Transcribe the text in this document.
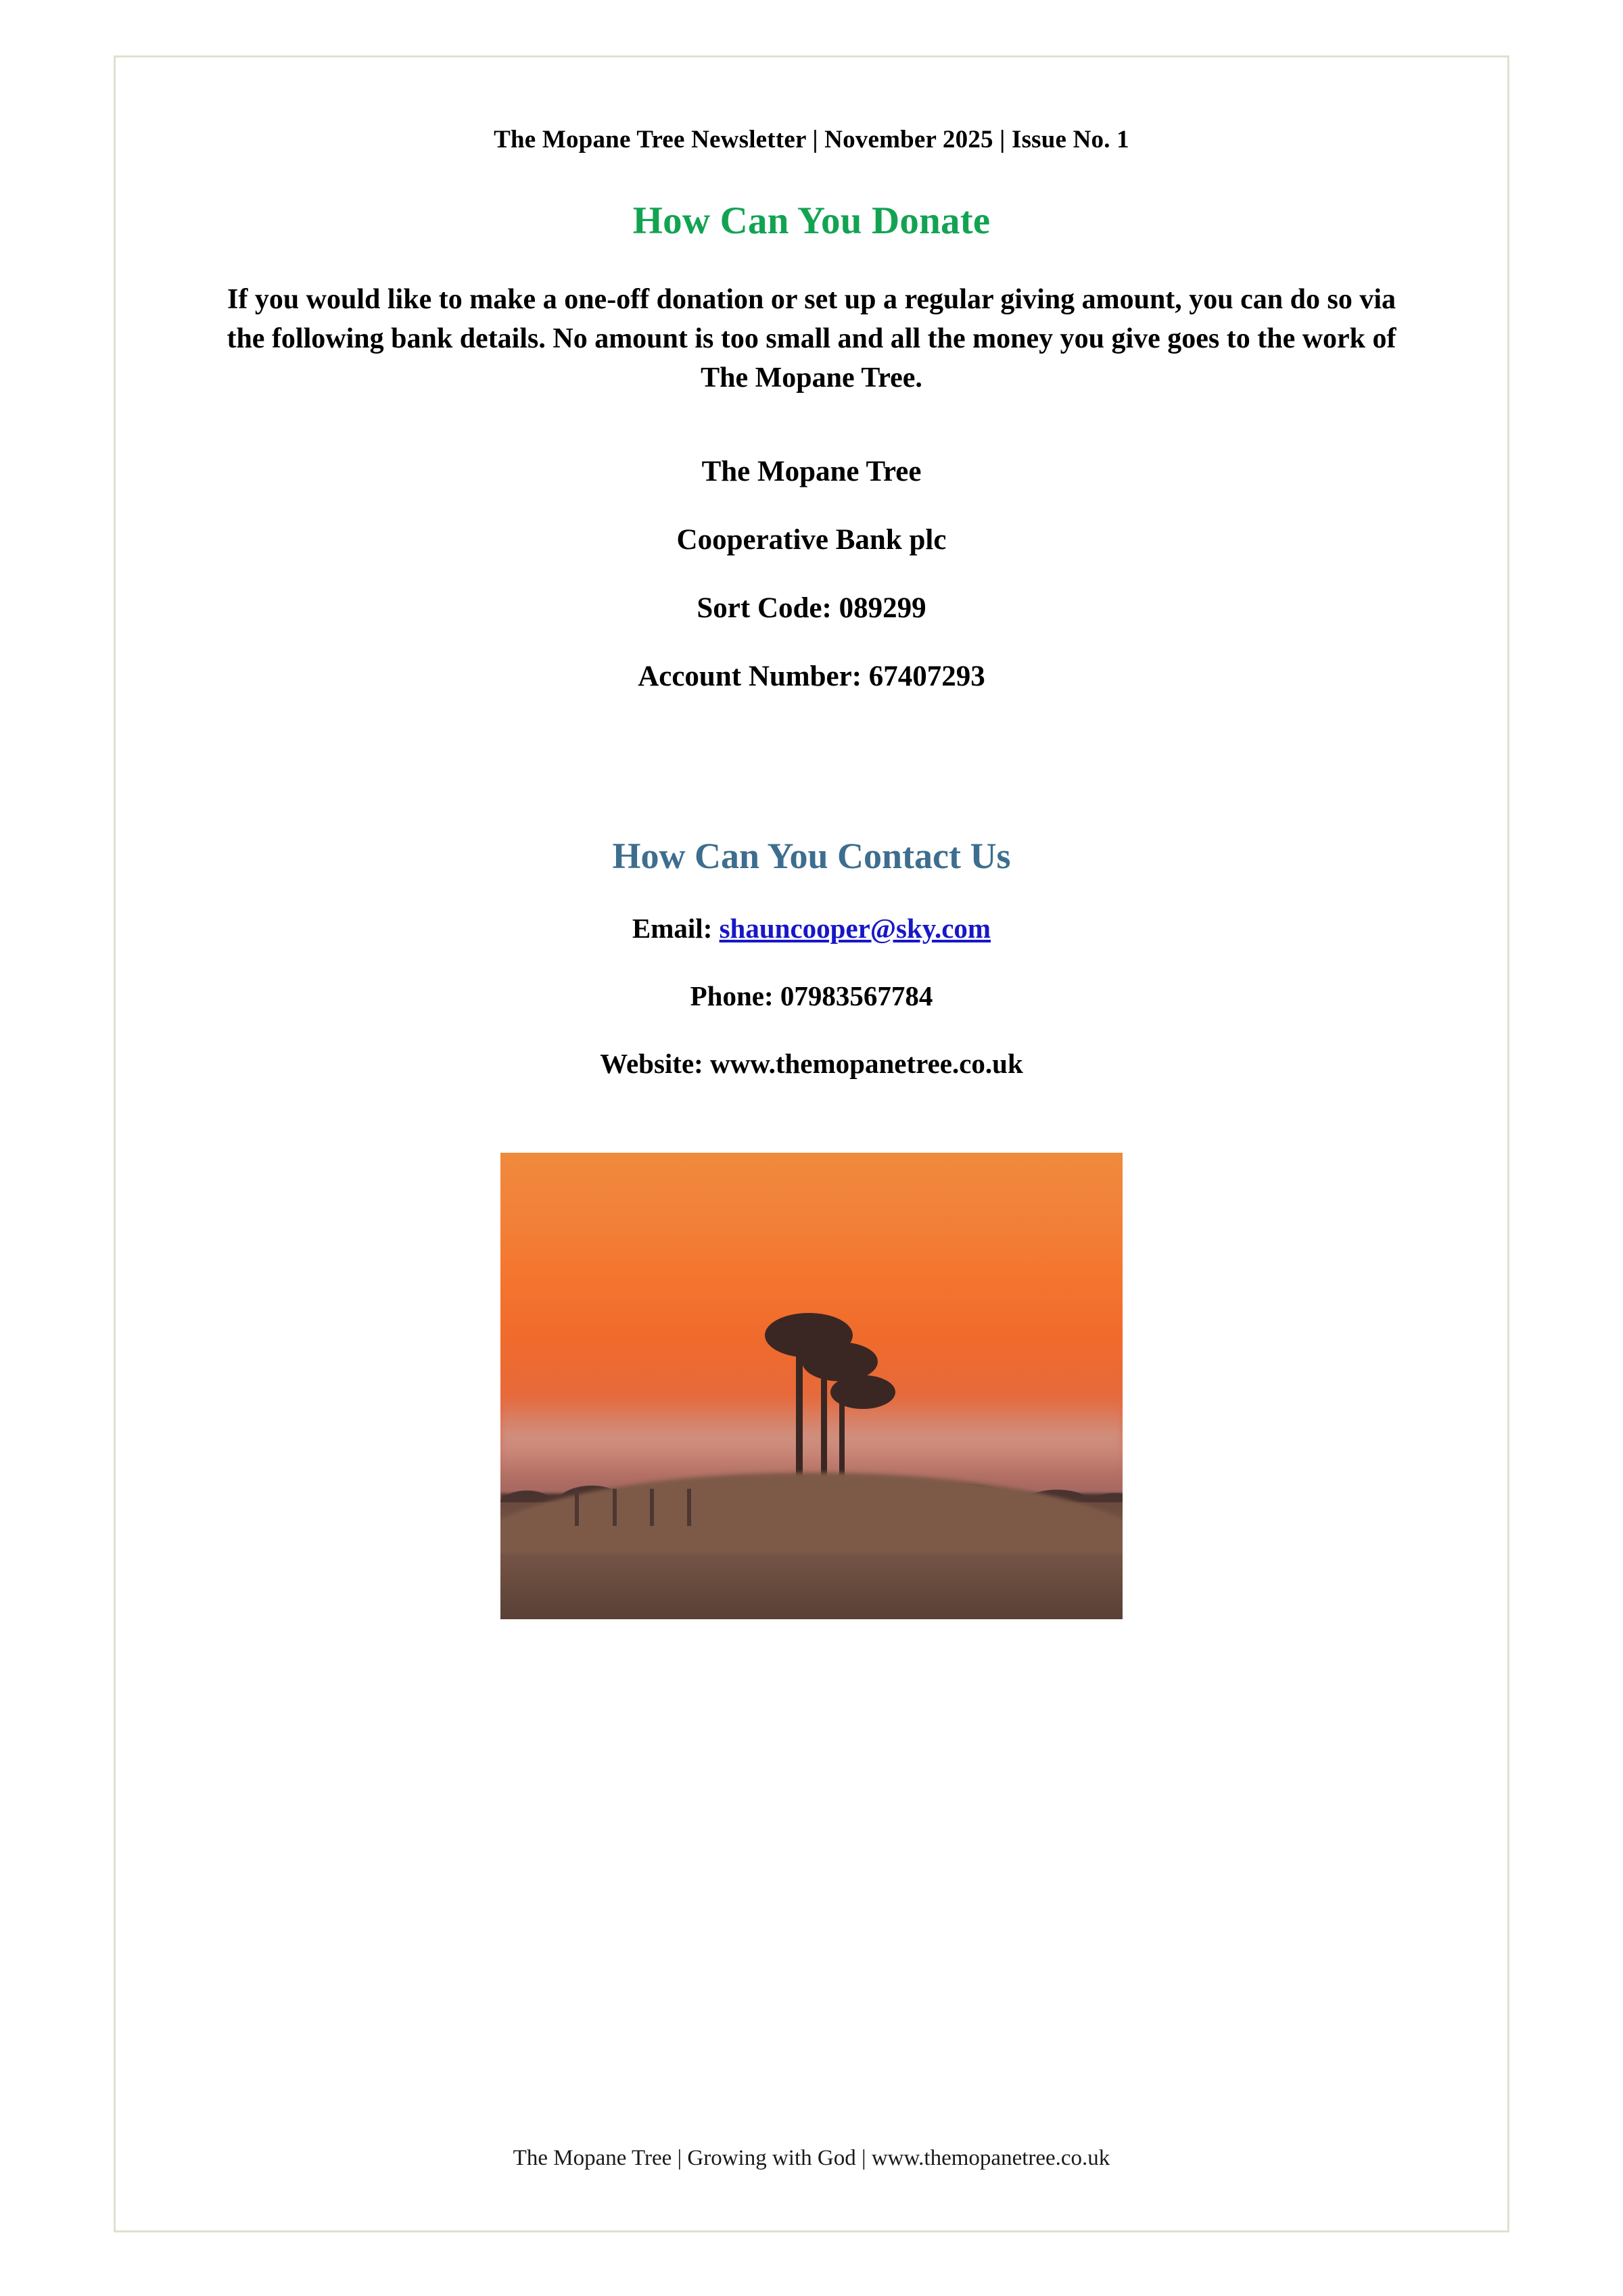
The Mopane Tree Newsletter | November 2025 | Issue No. 1
How Can You Donate

If you would like to make a one-off donation or set up a regular giving amount, you can do so via the following bank details. No amount is too small and all the money you give goes to the work of The Mopane Tree.

The Mopane Tree
Cooperative Bank plc
Sort Code: 089299
Account Number: 67407293
How Can You Contact Us
Email: shauncooper@sky.com
Phone: 07983567784
Website: www.themopanetree.co.uk
The Mopane Tree | Growing with God | www.themopanetree.co.uk
